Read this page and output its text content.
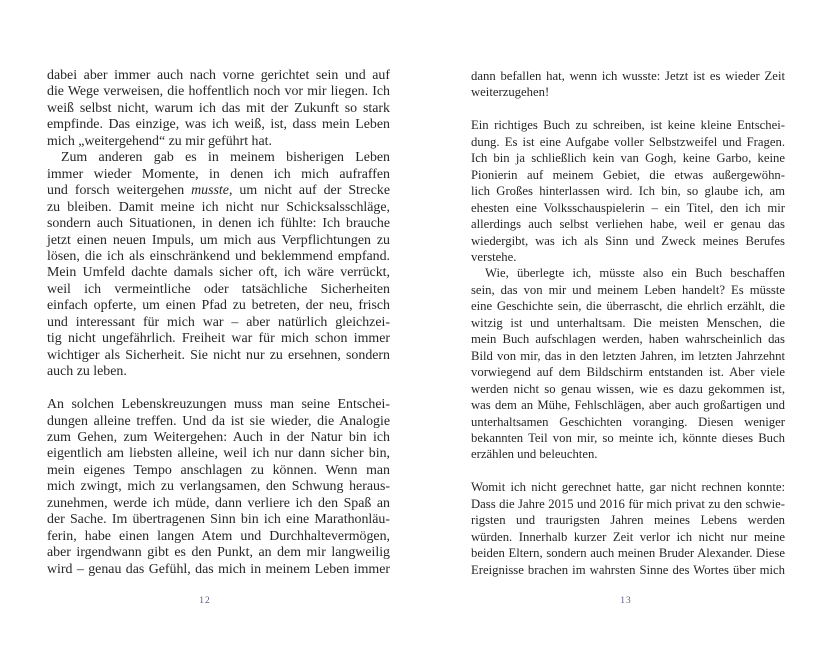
dabei aber immer auch nach vorne gerichtet sein und auf
die Wege verweisen, die hoffentlich noch vor mir liegen. Ich
weiß selbst nicht, warum ich das mit der Zukunft so stark
empfinde. Das einzige, was ich weiß, ist, dass mein Leben
mich „weitergehend“ zu mir geführt hat.
Zum anderen gab es in meinem bisherigen Leben
immer wieder Momente, in denen ich mich aufraffen
und forsch weitergehen musste, um nicht auf der Strecke
zu bleiben. Damit meine ich nicht nur Schicksalsschläge,
sondern auch Situationen, in denen ich fühlte: Ich brauche
jetzt einen neuen Impuls, um mich aus Verpflichtungen zu
lösen, die ich als einschränkend und beklemmend empfand.
Mein Umfeld dachte damals sicher oft, ich wäre verrückt,
weil ich vermeintliche oder tatsächliche Sicherheiten
einfach opferte, um einen Pfad zu betreten, der neu, frisch
und interessant für mich war – aber natürlich gleichzei-
tig nicht ungefährlich. Freiheit war für mich schon immer
wichtiger als Sicherheit. Sie nicht nur zu ersehnen, sondern
auch zu leben.
An solchen Lebenskreuzungen muss man seine Entschei-
dungen alleine treffen. Und da ist sie wieder, die Analogie
zum Gehen, zum Weitergehen: Auch in der Natur bin ich
eigentlich am liebsten alleine, weil ich nur dann sicher bin,
mein eigenes Tempo anschlagen zu können. Wenn man
mich zwingt, mich zu verlangsamen, den Schwung heraus-
zunehmen, werde ich müde, dann verliere ich den Spaß an
der Sache. Im übertragenen Sinn bin ich eine Marathonläu-
ferin, habe einen langen Atem und Durchhaltevermögen,
aber irgendwann gibt es den Punkt, an dem mir langweilig
wird – genau das Gefühl, das mich in meinem Leben immer
dann befallen hat, wenn ich wusste: Jetzt ist es wieder Zeit
weiterzugehen!
Ein richtiges Buch zu schreiben, ist keine kleine Entschei-
dung. Es ist eine Aufgabe voller Selbstzweifel und Fragen.
Ich bin ja schließlich kein van Gogh, keine Garbo, keine
Pionierin auf meinem Gebiet, die etwas außergewöhn-
lich Großes hinterlassen wird. Ich bin, so glaube ich, am
ehesten eine Volksschauspielerin – ein Titel, den ich mir
allerdings auch selbst verliehen habe, weil er genau das
wiedergibt, was ich als Sinn und Zweck meines Berufes
verstehe.
Wie, überlegte ich, müsste also ein Buch beschaffen
sein, das von mir und meinem Leben handelt? Es müsste
eine Geschichte sein, die überrascht, die ehrlich erzählt, die
witzig ist und unterhaltsam. Die meisten Menschen, die
mein Buch aufschlagen werden, haben wahrscheinlich das
Bild von mir, das in den letzten Jahren, im letzten Jahrzehnt
vorwiegend auf dem Bildschirm entstanden ist. Aber viele
werden nicht so genau wissen, wie es dazu gekommen ist,
was dem an Mühe, Fehlschlägen, aber auch großartigen und
unterhaltsamen Geschichten voranging. Diesen weniger
bekannten Teil von mir, so meinte ich, könnte dieses Buch
erzählen und beleuchten.
Womit ich nicht gerechnet hatte, gar nicht rechnen konnte:
Dass die Jahre 2015 und 2016 für mich privat zu den schwie-
rigsten und traurigsten Jahren meines Lebens werden
würden. Innerhalb kurzer Zeit verlor ich nicht nur meine
beiden Eltern, sondern auch meinen Bruder Alexander. Diese
Ereignisse brachen im wahrsten Sinne des Wortes über mich
12	13
